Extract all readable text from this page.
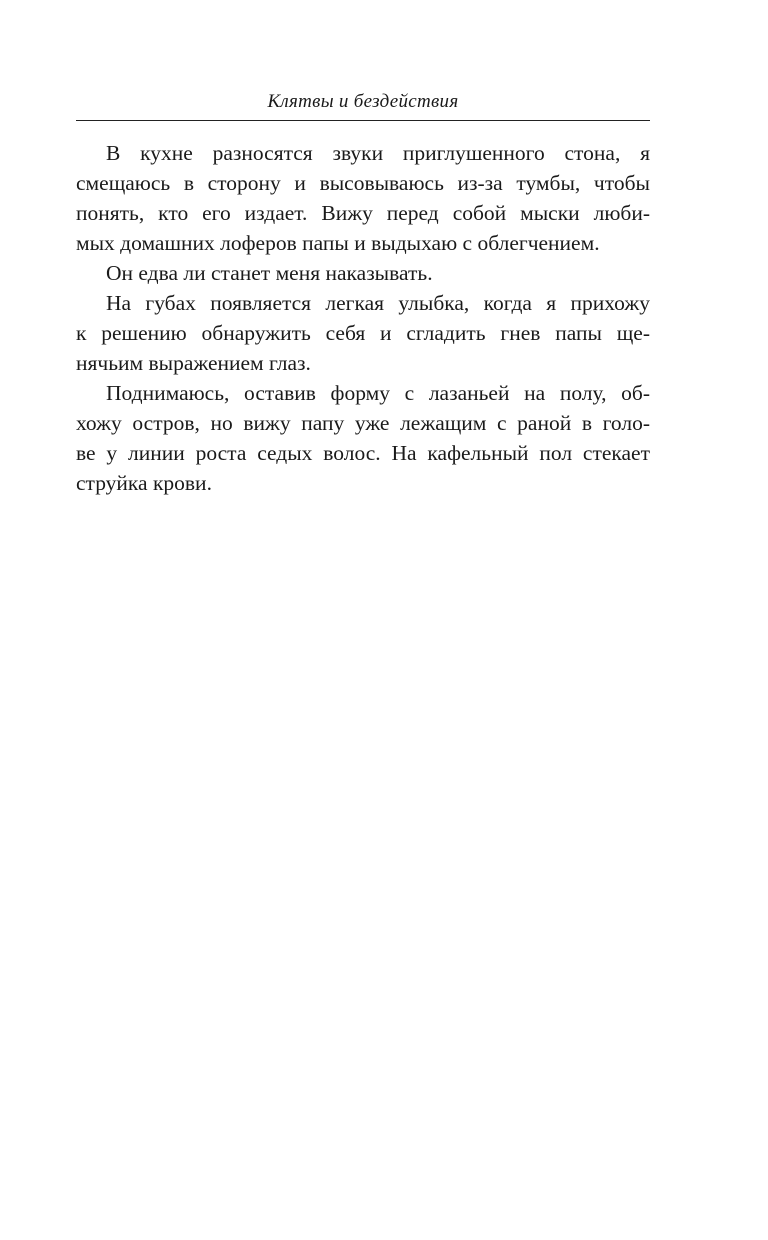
Клятвы и бездействия
В кухне разносятся звуки приглушенного стона, я
смещаюсь в сторону и высовываюсь из-за тумбы, чтобы
понять, кто его издает. Вижу перед собой мыски люби-
мых домашних лоферов папы и выдыхаю с облегчением.
Он едва ли станет меня наказывать.
На губах появляется легкая улыбка, когда я прихожу
к решению обнаружить себя и сгладить гнев папы ще-
нячьим выражением глаз.
Поднимаюсь, оставив форму с лазаньей на полу, об-
хожу остров, но вижу папу уже лежащим с раной в голо-
ве у линии роста седых волос. На кафельный пол стекает
струйка крови.
